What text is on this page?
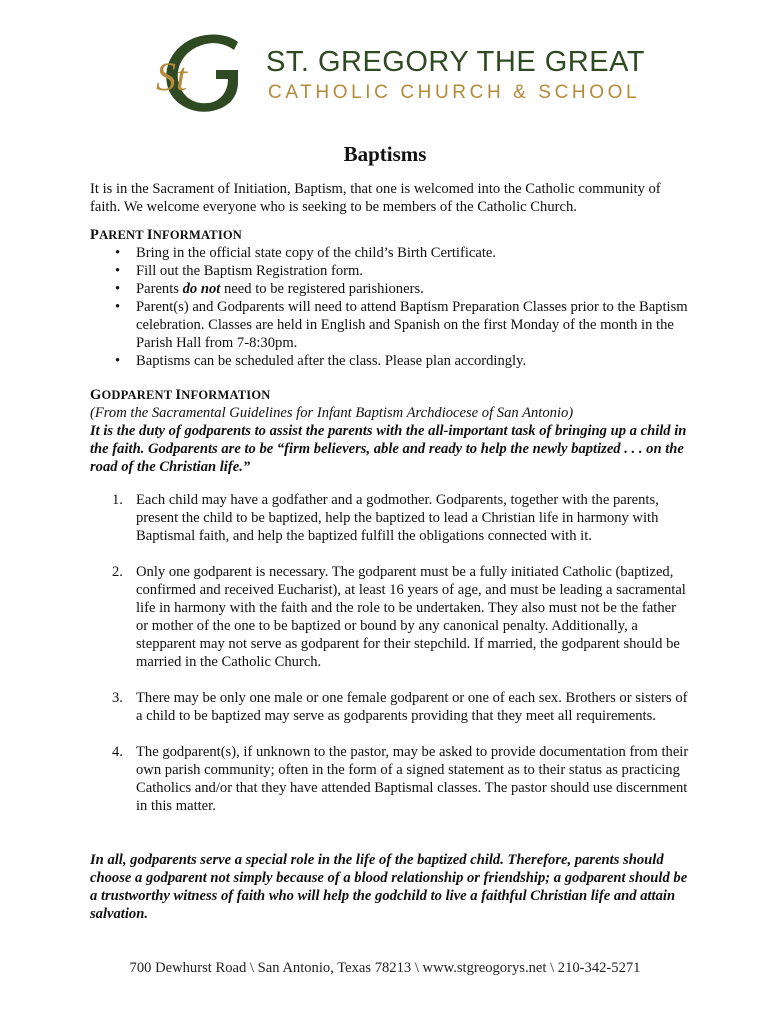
St	ST. GREGORY THE GREAT
CATHOLIC CHURCH & SCHOOL
Baptisms

It is in the Sacrament of Initiation, Baptism, that one is welcomed into the Catholic community of faith. We welcome everyone who is seeking to be members of the Catholic Church.

PARENT INFORMATION
• Bring in the official state copy of the child’s Birth Certificate.
• Fill out the Baptism Registration form.
• Parents do not need to be registered parishioners.
• Parent(s) and Godparents will need to attend Baptism Preparation Classes prior to the Baptism celebration. Classes are held in English and Spanish on the first Monday of the month in the Parish Hall from 7-8:30pm.
• Baptisms can be scheduled after the class. Please plan accordingly.
GODPARENT INFORMATION

(From the Sacramental Guidelines for Infant Baptism Archdiocese of San Antonio)

It is the duty of godparents to assist the parents with the all-important task of bringing up a child in the faith. Godparents are to be “firm believers, able and ready to help the newly baptized . . . on the road of the Christian life.”

1. Each child may have a godfather and a godmother. Godparents, together with the parents, present the child to be baptized, help the baptized to lead a Christian life in harmony with Baptismal faith, and help the baptized fulfill the obligations connected with it.
2. Only one godparent is necessary. The godparent must be a fully initiated Catholic (baptized, confirmed and received Eucharist), at least 16 years of age, and must be leading a sacramental life in harmony with the faith and the role to be undertaken. They also must not be the father or mother of the one to be baptized or bound by any canonical penalty. Additionally, a stepparent may not serve as godparent for their stepchild. If married, the godparent should be married in the Catholic Church.
3. There may be only one male or one female godparent or one of each sex. Brothers or sisters of a child to be baptized may serve as godparents providing that they meet all requirements.
4. The godparent(s), if unknown to the pastor, may be asked to provide documentation from their own parish community; often in the form of a signed statement as to their status as practicing Catholics and/or that they have attended Baptismal classes. The pastor should use discernment in this matter.

In all, godparents serve a special role in the life of the baptized child. Therefore, parents should choose a godparent not simply because of a blood relationship or friendship; a godparent should be a trustworthy witness of faith who will help the godchild to live a faithful Christian life and attain salvation.

700 Dewhurst Road \ San Antonio, Texas 78213 \ www.stgreogorys.net \ 210-342-5271
